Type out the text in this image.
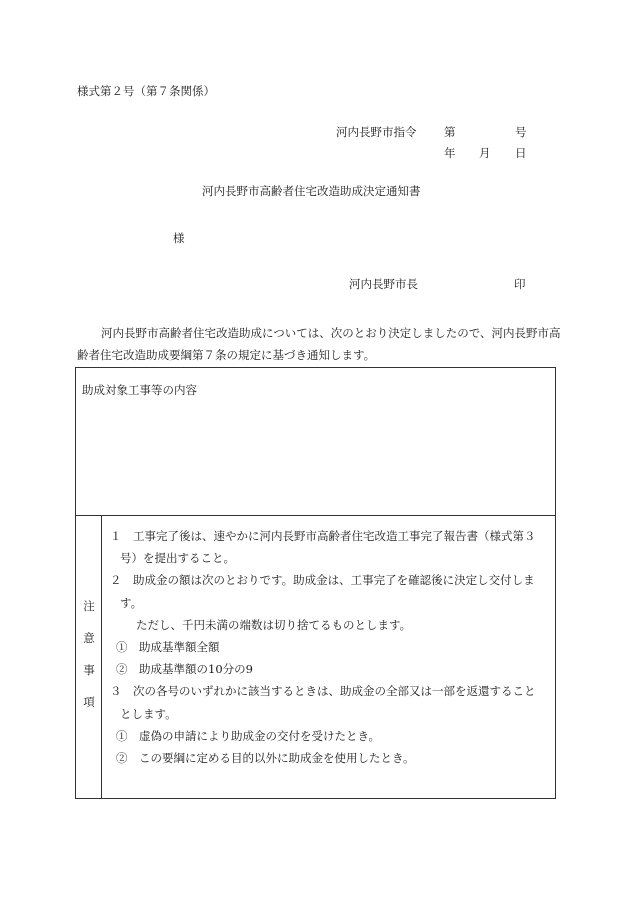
様式第２号（第７条関係）
河内長野市指令 第	号
年 月 日
河内長野市高齢者住宅改造助成決定通知書
様
河内長野市長	印
河内長野市高齢者住宅改造助成については、次のとおり決定しましたので、河内長野市高齢者住宅改造助成要綱第７条の規定に基づき通知します。
助成対象工事等の内容
注
意
事
項
１　工事完了後は、速やかに河内長野市高齢者住宅改造工事完了報告書（様式第３
号）を提出すること。
２　助成金の額は次のとおりです。助成金は、工事完了を確認後に決定し交付しま
す。
ただし、千円未満の端数は切り捨てるものとします。
①　助成基準額全額
②　助成基準額の10分の9
３　次の各号のいずれかに該当するときは、助成金の全部又は一部を返還すること
とします。
①　虚偽の申請により助成金の交付を受けたとき。
②　この要綱に定める目的以外に助成金を使用したとき。
